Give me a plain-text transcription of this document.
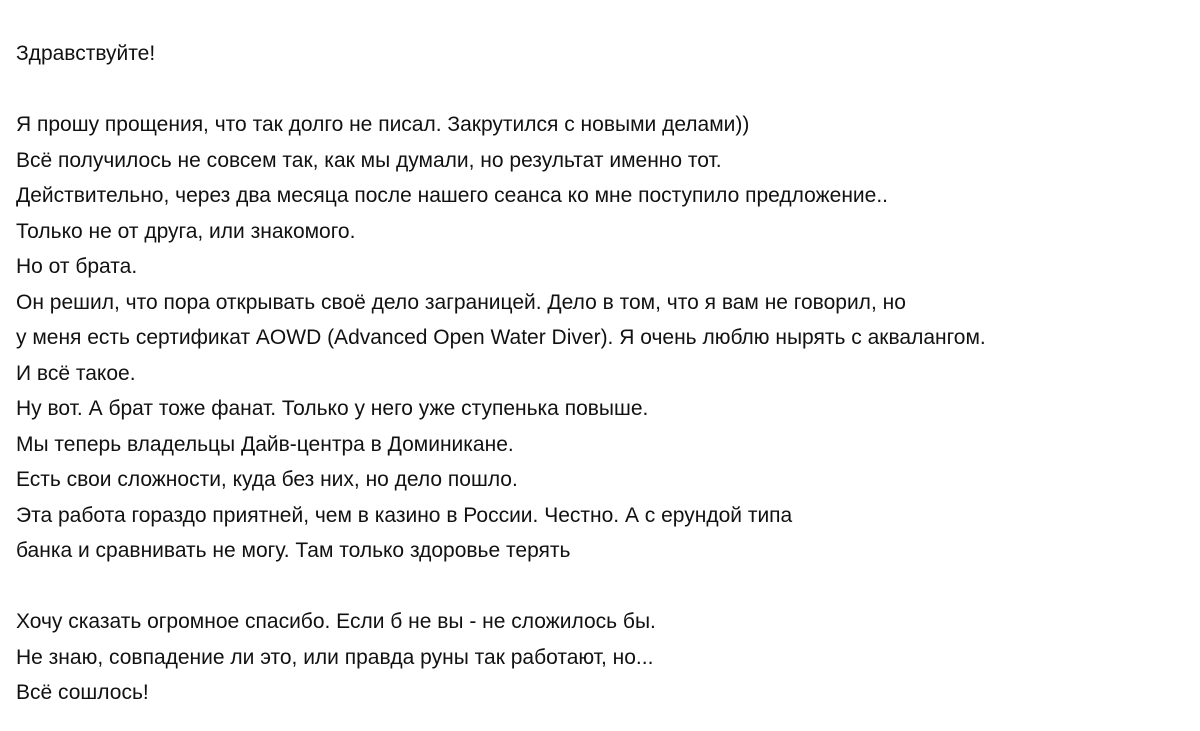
Здравствуйте!
Я прошу прощения, что так долго не писал. Закрутился с новыми делами))
Всё получилось не совсем так, как мы думали, но результат именно тот.
Действительно, через два месяца после нашего сеанса ко мне поступило предложение..
Только не от друга, или знакомого.
Но от брата.
Он решил, что пора открывать своё дело заграницей. Дело в том, что я вам не говорил, но
у меня есть сертификат AOWD (Advanced Open Water Diver). Я очень люблю нырять с аквалангом.
И всё такое.
Ну вот. А брат тоже фанат. Только у него уже ступенька повыше.
Мы теперь владельцы Дайв-центра в Доминикане.
Есть свои сложности, куда без них, но дело пошло.
Эта работа гораздо приятней, чем в казино в России. Честно. А с ерундой типа
банка и сравнивать не могу. Там только здоровье терять
Хочу сказать огромное спасибо. Если б не вы - не сложилось бы.
Не знаю, совпадение ли это, или правда руны так работают, но...
Всё сошлось!
